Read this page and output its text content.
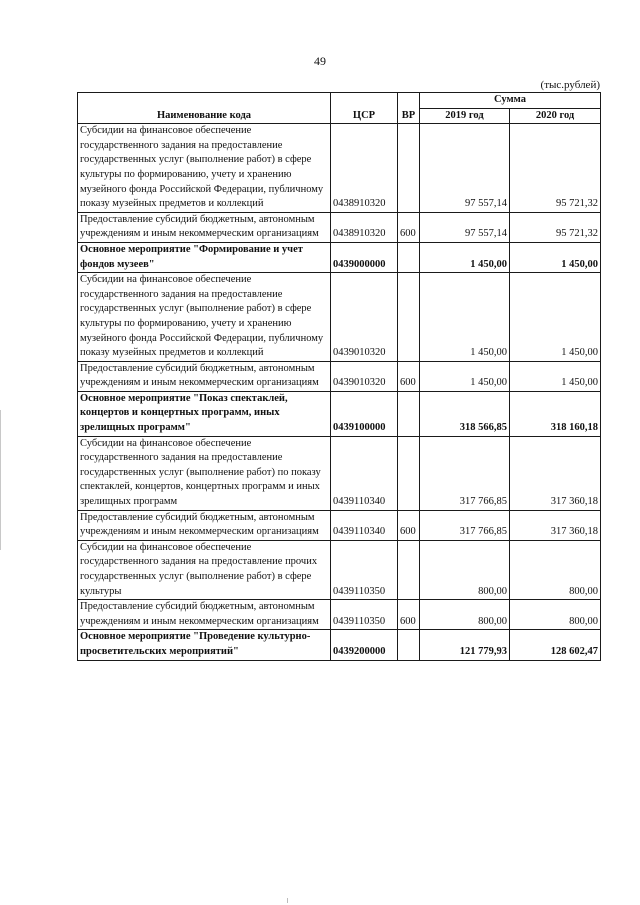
49
(тыс.рублей)
Наименование кода	ЦСР	ВР	Сумма	
			2019 год	2020 год
Субсидии на финансовое обеспечение государственного задания на предоставление государственных услуг (выполнение работ) в сфере культуры по формированию, учету и хранению музейного фонда Российской Федерации, публичному показу музейных предметов и коллекций	0438910320		97 557,14	95 721,32
Предоставление субсидий бюджетным, автономным учреждениям и иным некоммерческим организациям	0438910320	600	97 557,14	95 721,32
Основное мероприятие "Формирование и учет фондов музеев"	0439000000		1 450,00	1 450,00
Субсидии на финансовое обеспечение государственного задания на предоставление государственных услуг (выполнение работ) в сфере культуры по формированию, учету и хранению музейного фонда Российской Федерации, публичному показу музейных предметов и коллекций	0439010320		1 450,00	1 450,00
Предоставление субсидий бюджетным, автономным учреждениям и иным некоммерческим организациям	0439010320	600	1 450,00	1 450,00
Основное мероприятие "Показ спектаклей, концертов и концертных программ, иных зрелищных программ"	0439100000		318 566,85	318 160,18
Субсидии на финансовое обеспечение государственного задания на предоставление государственных услуг (выполнение работ) по показу спектаклей, концертов, концертных программ и иных зрелищных программ	0439110340		317 766,85	317 360,18
Предоставление субсидий бюджетным, автономным учреждениям и иным некоммерческим организациям	0439110340	600	317 766,85	317 360,18
Субсидии на финансовое обеспечение государственного задания на предоставление прочих государственных услуг (выполнение работ) в сфере культуры	0439110350		800,00	800,00
Предоставление субсидий бюджетным, автономным учреждениям и иным некоммерческим организациям	0439110350	600	800,00	800,00
Основное мероприятие "Проведение культурно-просветительских мероприятий"	0439200000		121 779,93	128 602,47
